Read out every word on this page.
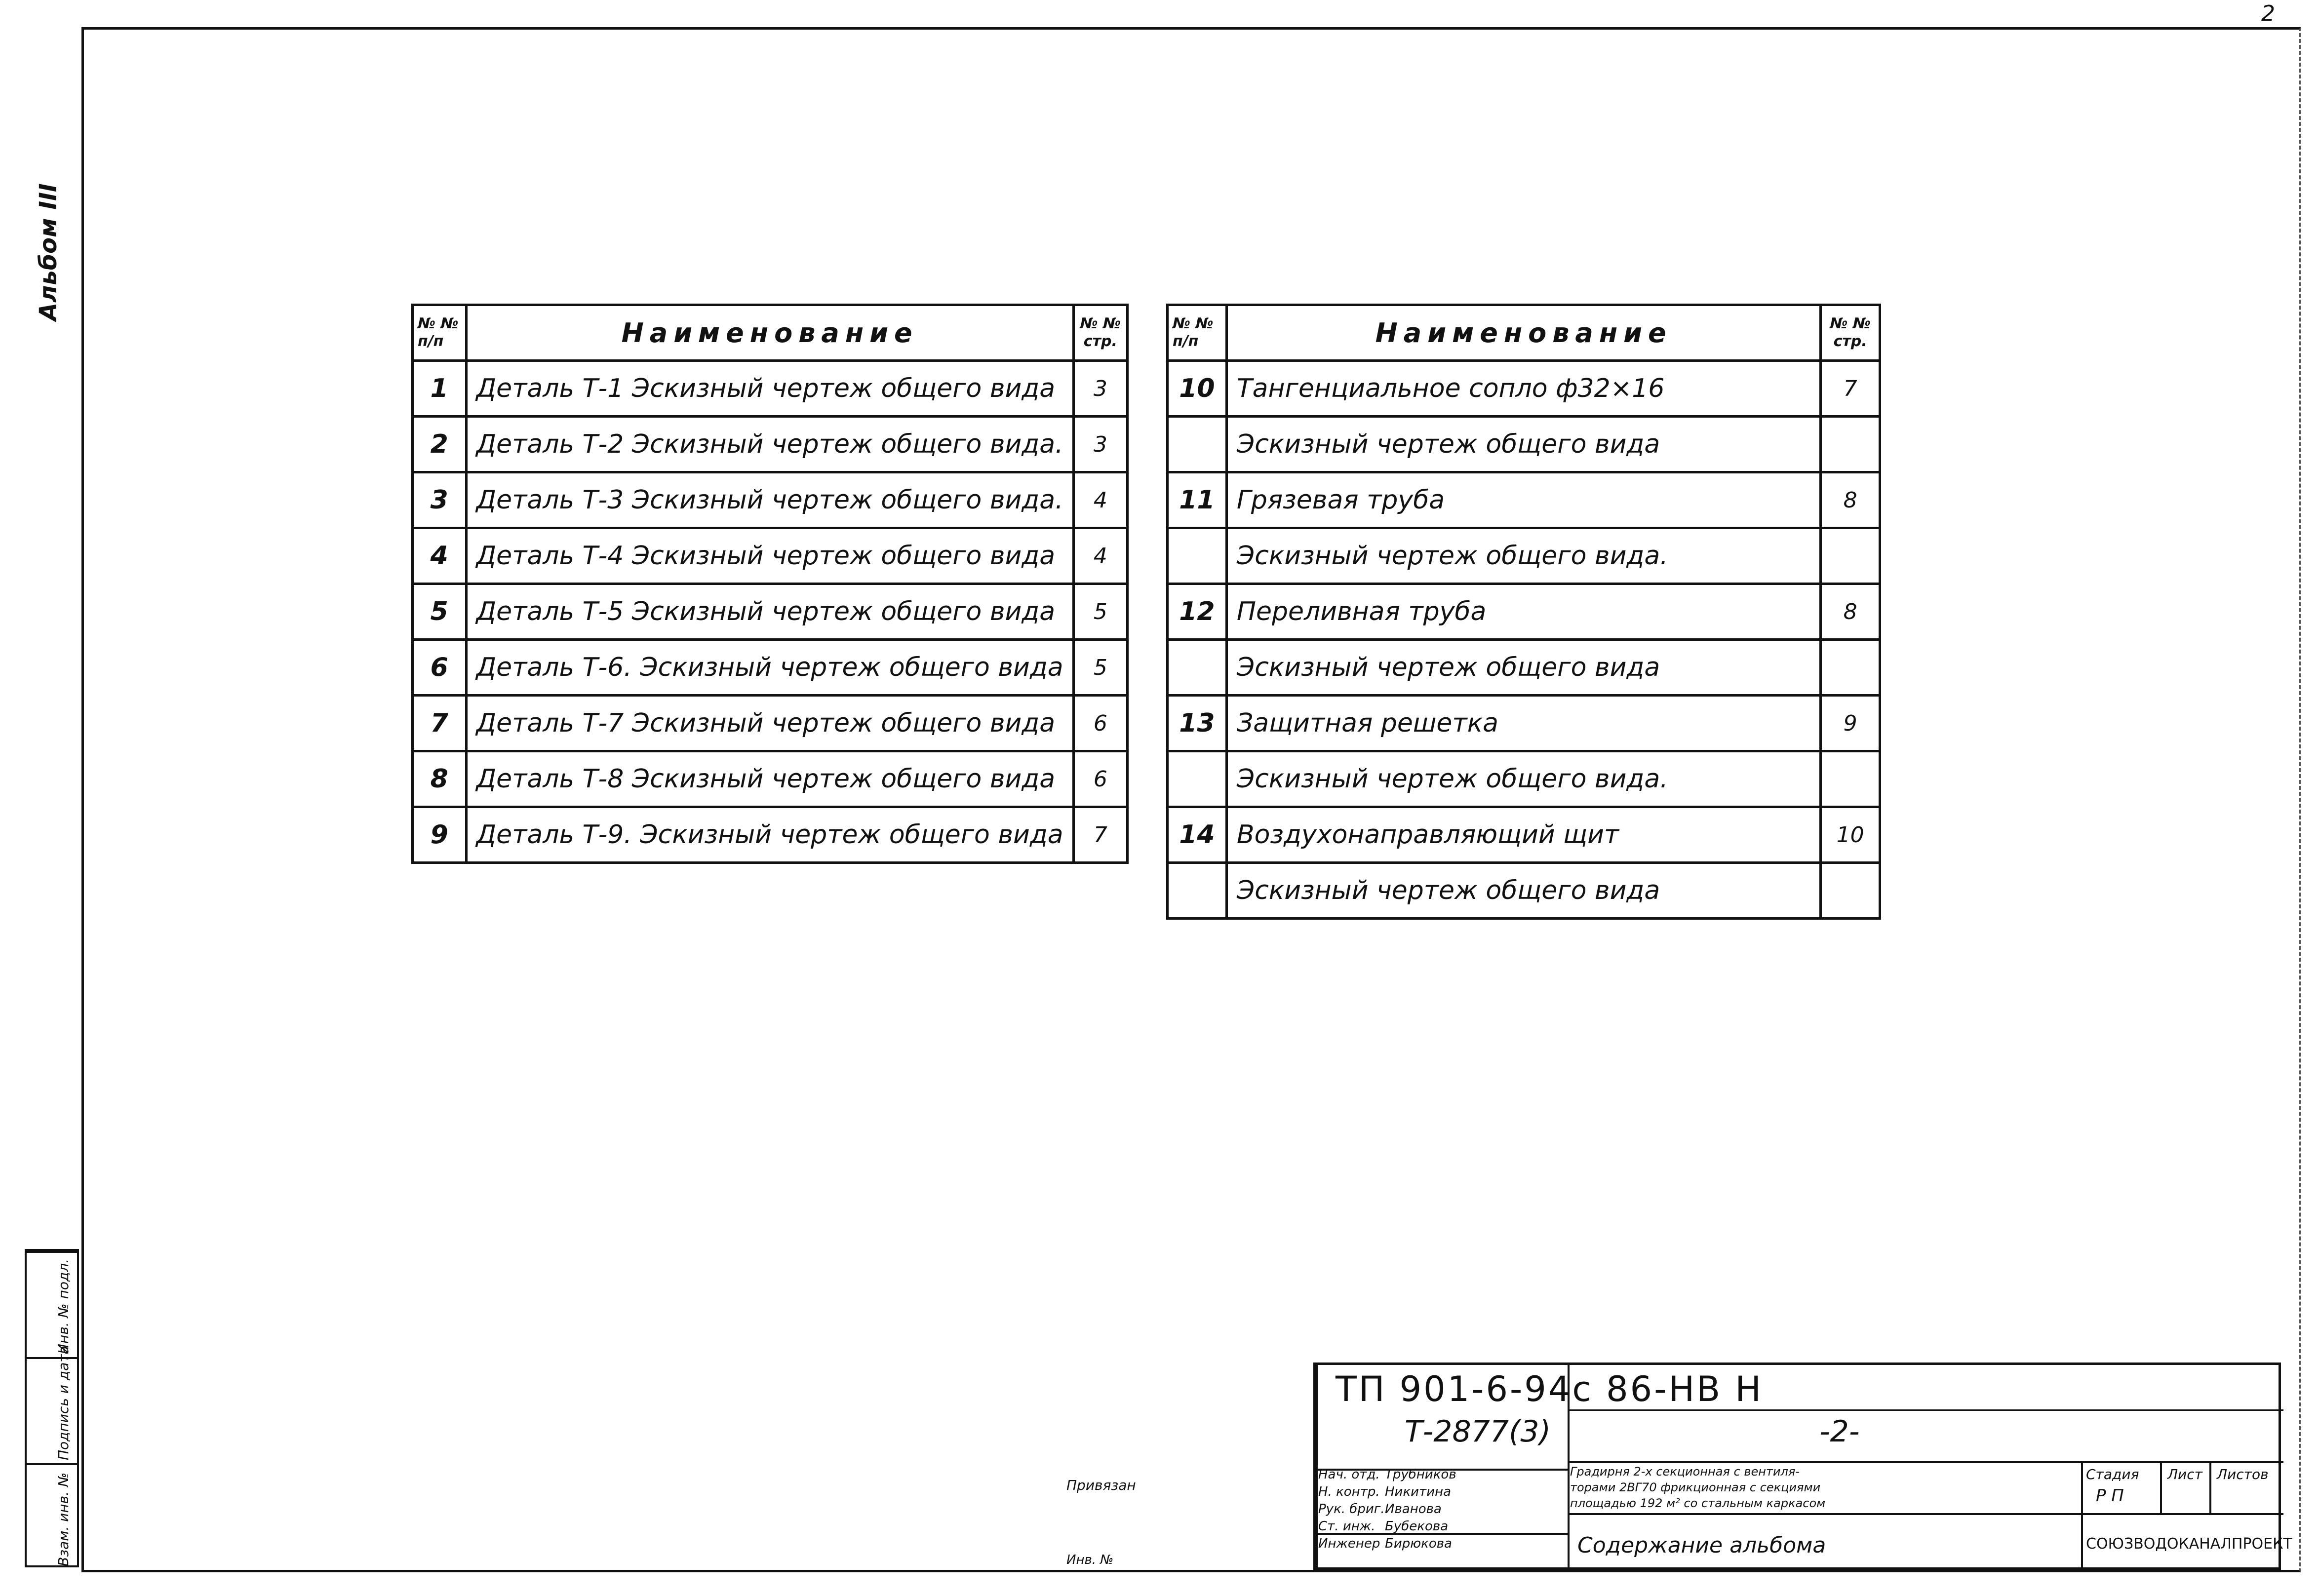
2
Альбом III
№ № п/п	Наименование	№ № стр.
1	Деталь Т-1 Эскизный чертеж общего вида	3
2	Деталь Т-2 Эскизный чертеж общего вида.	3
3	Деталь Т-3 Эскизный чертеж общего вида.	4
4	Деталь Т-4 Эскизный чертеж общего вида	4
5	Деталь Т-5 Эскизный чертеж общего вида	5
6	Деталь Т-6. Эскизный чертеж общего вида	5
7	Деталь Т-7 Эскизный чертеж общего вида	6
8	Деталь Т-8 Эскизный чертеж общего вида	6
9	Деталь Т-9. Эскизный чертеж общего вида	7
№ № п/п	Наименование	№ № стр.
10	Тангенциальное сопло ф32×16	7
	Эскизный чертеж общего вида	
11	Грязевая труба	8
	Эскизный чертеж общего вида.	
12	Переливная труба	8
	Эскизный чертеж общего вида	
13	Защитная решетка	9
	Эскизный чертеж общего вида.	
14	Воздухонаправляющий щит	10
	Эскизный чертеж общего вида	
Инв. № подл.
Подпись и дата
Взам. инв. №
ТП 901-6-94с 86-НВ Н
Т-2877(3)	-2-
Градирня 2-х секционная с вентиля-
торами 2ВГ70 фрикционная с секциями
площадью 192 м² со стальным каркасом
Стадия Лист Листов
Р П
Содержание альбома	СОЮЗВОДОКАНАЛПРОЕКТ
Привязан
Инв. №
Нач. отд. Трубников
Н. контр. Никитина
Рук. бриг. Иванова
Ст. инж. Бубекова
Инженер Бирюкова
